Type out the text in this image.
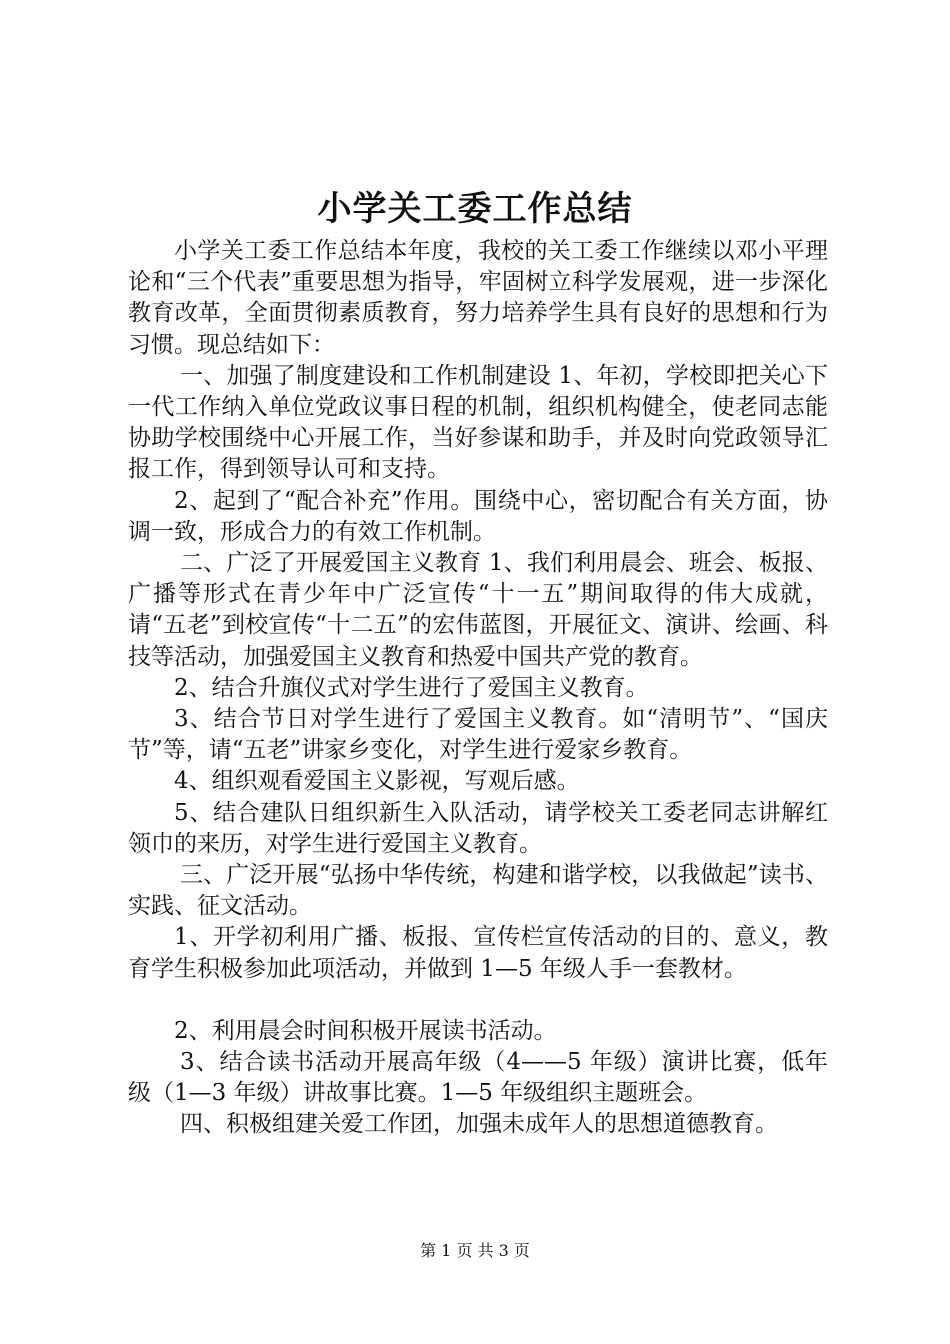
小学关工委工作总结

小学关工委工作总结本年度，我校的关工委工作继续以邓小平理论和“三个代表”重要思想为指导，牢固树立科学发展观，进一步深化教育改革，全面贯彻素质教育，努力培养学生具有良好的思想和行为习惯。现总结如下：

一、加强了制度建设和工作机制建设 1、年初，学校即把关心下一代工作纳入单位党政议事日程的机制，组织机构健全，使老同志能协助学校围绕中心开展工作，当好参谋和助手，并及时向党政领导汇报工作，得到领导认可和支持。

2、起到了“配合补充”作用。围绕中心，密切配合有关方面，协调一致，形成合力的有效工作机制。

二、广泛了开展爱国主义教育 1、我们利用晨会、班会、板报、广播等形式在青少年中广泛宣传“十一五”期间取得的伟大成就，请“五老”到校宣传“十二五”的宏伟蓝图，开展征文、演讲、绘画、科技等活动，加强爱国主义教育和热爱中国共产党的教育。

2、结合升旗仪式对学生进行了爱国主义教育。

3、结合节日对学生进行了爱国主义教育。如“清明节”、“国庆节”等，请“五老”讲家乡变化，对学生进行爱家乡教育。

4、组织观看爱国主义影视，写观后感。

5、结合建队日组织新生入队活动，请学校关工委老同志讲解红领巾的来历，对学生进行爱国主义教育。

三、广泛开展“弘扬中华传统，构建和谐学校，以我做起”读书、实践、征文活动。

1、开学初利用广播、板报、宣传栏宣传活动的目的、意义，教育学生积极参加此项活动，并做到 1—5 年级人手一套教材。

2、利用晨会时间积极开展读书活动。

3、结合读书活动开展高年级（4——5 年级）演讲比赛，低年级（1—3 年级）讲故事比赛。1—5 年级组织主题班会。

四、积极组建关爱工作团，加强未成年人的思想道德教育。

第 1 页 共 3 页
